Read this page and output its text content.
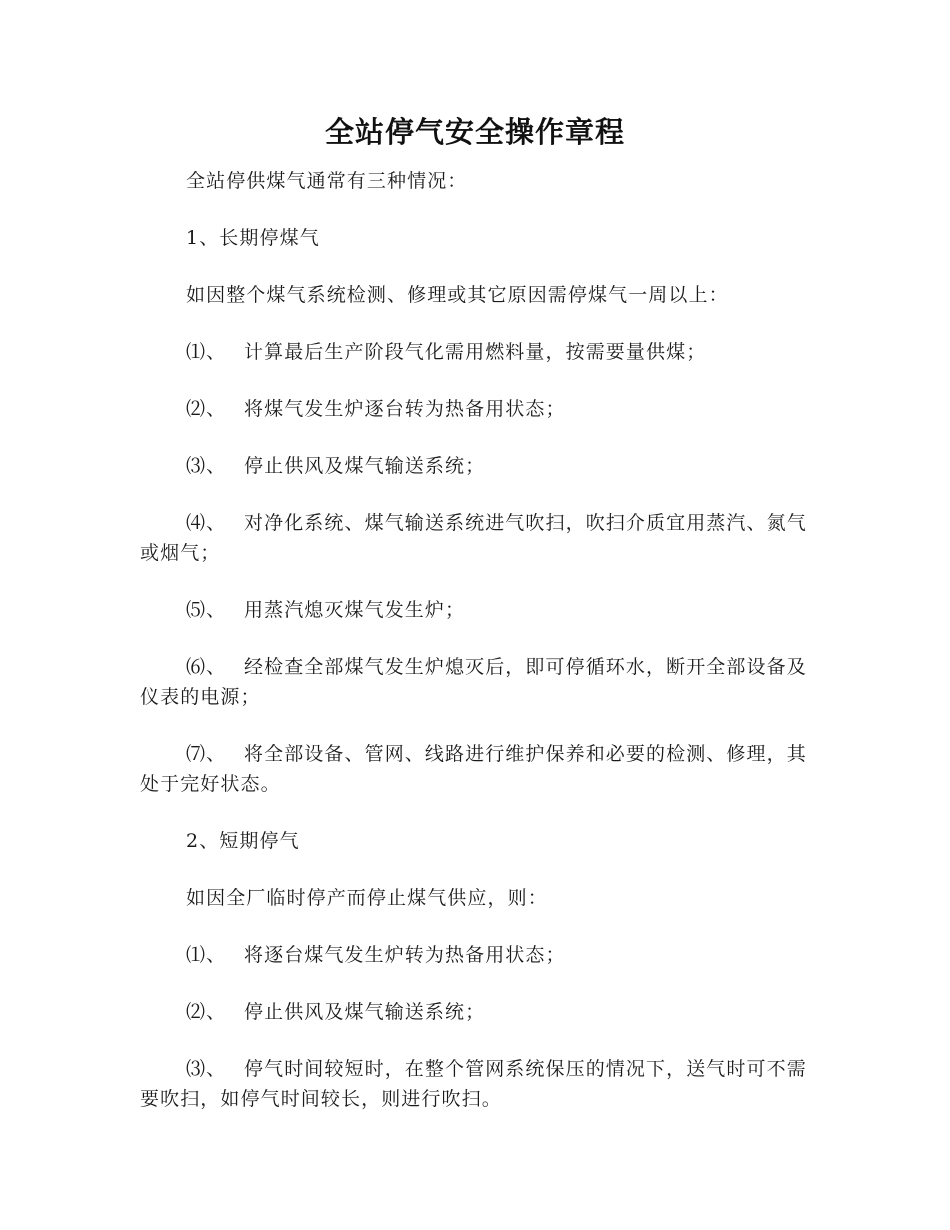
全站停气安全操作章程

全站停供煤气通常有三种情况：

1、长期停煤气

如因整个煤气系统检测、修理或其它原因需停煤气一周以上：

⑴、 计算最后生产阶段气化需用燃料量，按需要量供煤；

⑵、 将煤气发生炉逐台转为热备用状态；

⑶、 停止供风及煤气输送系统；

⑷、 对净化系统、煤气输送系统进气吹扫，吹扫介质宜用蒸汽、氮气或烟气；

⑸、 用蒸汽熄灭煤气发生炉；

⑹、 经检查全部煤气发生炉熄灭后，即可停循环水，断开全部设备及仪表的电源；

⑺、 将全部设备、管网、线路进行维护保养和必要的检测、修理，其处于完好状态。

2、短期停气

如因全厂临时停产而停止煤气供应，则：

⑴、 将逐台煤气发生炉转为热备用状态；

⑵、 停止供风及煤气输送系统；

⑶、 停气时间较短时，在整个管网系统保压的情况下，送气时可不需要吹扫，如停气时间较长，则进行吹扫。
